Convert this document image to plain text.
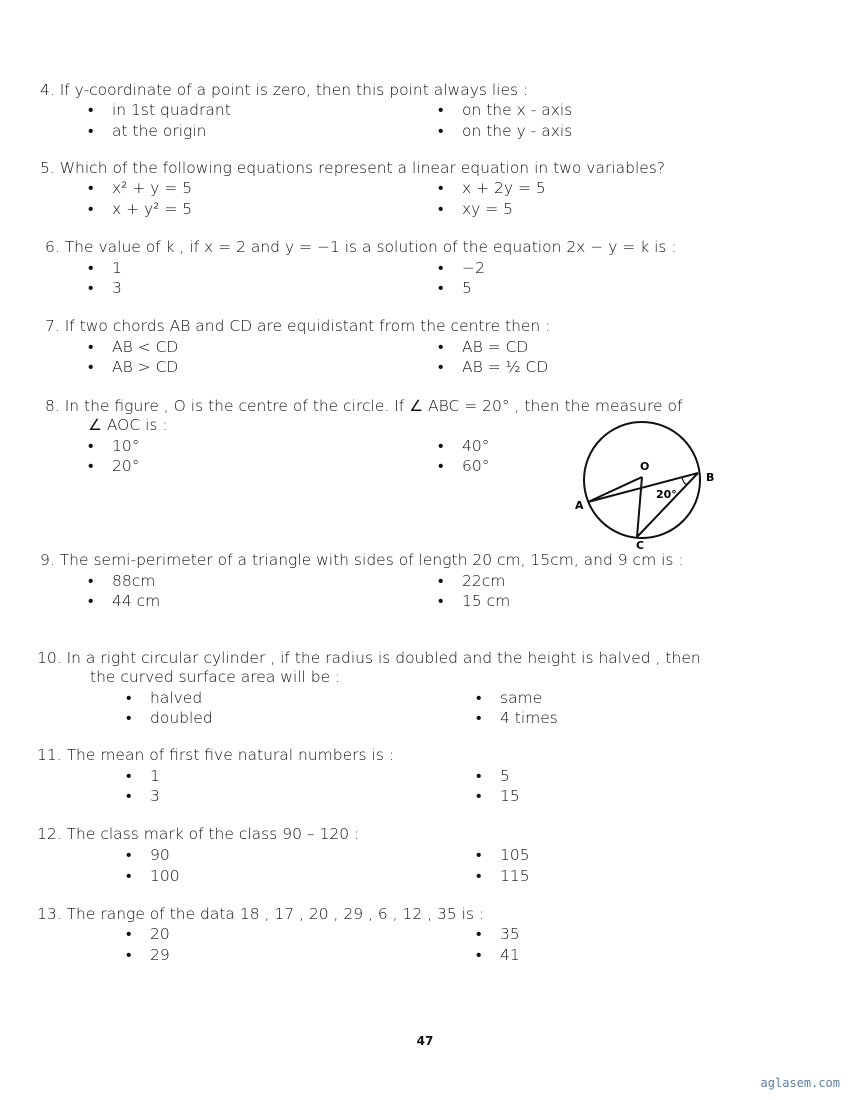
4. If y-coordinate of a point is zero, then this point always lies :
• in 1st quadrant	• on the x - axis
• at the origin	• on the y - axis
5. Which of the following equations represent a linear equation in two variables?
• x² + y = 5	• x + 2y = 5
• x + y² = 5	• xy = 5
6. The value of k , if x = 2 and y = −1 is a solution of the equation 2x − y = k is :
• 1	• −2
• 3	• 5
7. If two chords AB and CD are equidistant from the centre then :
• AB < CD	• AB = CD
• AB > CD	• AB = ½ CD
8. In the figure , O is the centre of the circle. If ∠ ABC = 20° , then the measure of
∠ AOC is :
• 10°	• 40°
• 20°	• 60°	O
A
B
C
20°
9. The semi-perimeter of a triangle with sides of length 20 cm, 15cm, and 9 cm is :
• 88cm	• 22cm
• 44 cm	• 15 cm
10. In a right circular cylinder , if the radius is doubled and the height is halved , then
the curved surface area will be :
• halved	• same
• doubled	• 4 times
11. The mean of first five natural numbers is :
• 1	• 5
• 3	• 15
12. The class mark of the class 90 – 120 :
• 90	• 105
• 100	• 115
13. The range of the data 18 , 17 , 20 , 29 , 6 , 12 , 35 is :
• 20	• 35
• 29	• 41
47
aglasem.com
